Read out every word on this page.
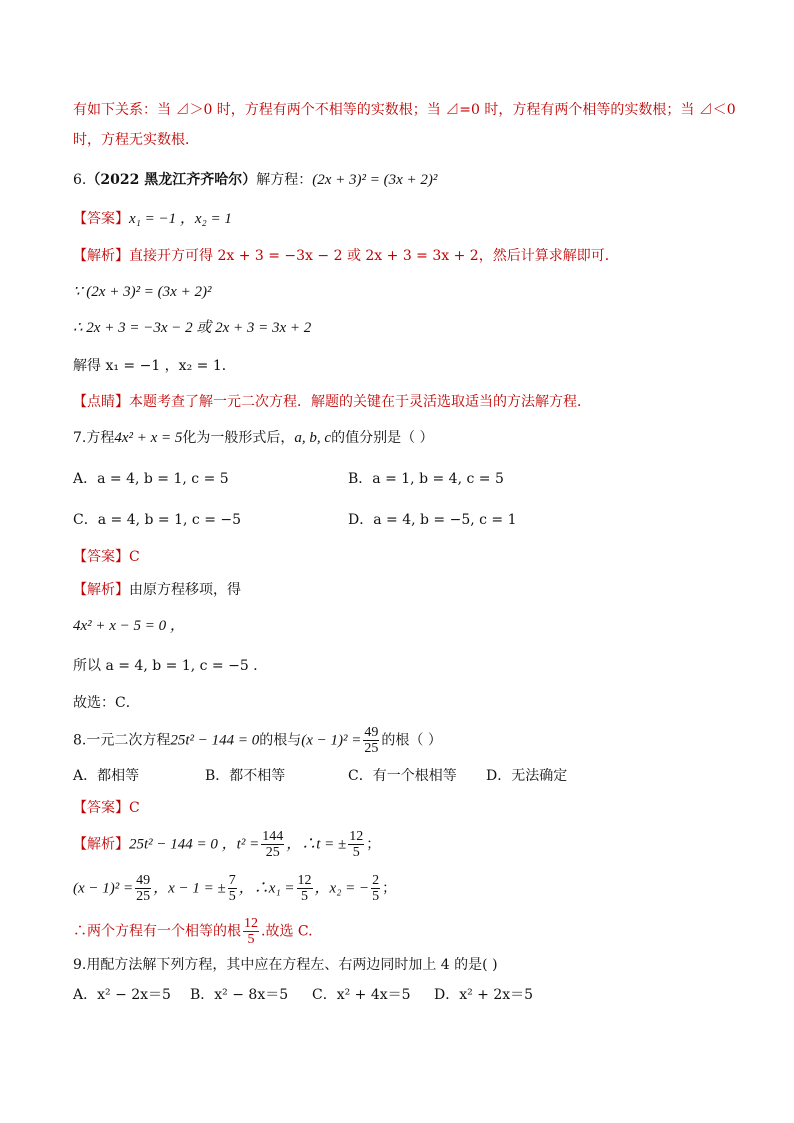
有如下关系：当 ⊿＞0 时，方程有两个不相等的实数根；当 ⊿=0 时，方程有两个相等的实数根；当 ⊿＜0
时，方程无实数根．
6.（2022 黑龙江齐齐哈尔）解方程：(2x + 3)² = (3x + 2)²
【答案】x₁ = −1 ，x₂ = 1
【解析】直接开方可得 2x + 3 = −3x − 2 或 2x + 3 = 3x + 2，然后计算求解即可．
∵ (2x + 3)² = (3x + 2)²
∴ 2x + 3 = −3x − 2 或 2x + 3 = 3x + 2
解得 x₁ = −1 ，x₂ = 1．
【点睛】本题考查了解一元二次方程．解题的关键在于灵活选取适当的方法解方程．
7.方程4x² + x = 5化为一般形式后，a, b, c的值分别是（ ）
A．a = 4, b = 1, c = 5	B．a = 1, b = 4, c = 5
C．a = 4, b = 1, c = −5	D．a = 4, b = −5, c = 1
【答案】C
【解析】由原方程移项，得
4x² + x − 5 = 0 ，
所以 a = 4, b = 1, c = −5 ．
故选：C．
8.一元二次方程25t² − 144 = 0的根与$(x - 1)^2 = \frac{49}{25}$ 的根（ ）
A．都相等	B．都不相等	C．有一个根相等 D．无法确定
【答案】C
【解析】25t² − 144 = 0 ，$t^2 = \frac{144}{25}$ ，∴t = ± $\frac{12}{5}$ ；
$(x - 1)^2 = \frac{49}{25}$ ，x − 1 = ± $\frac{7}{5}$ ，∴x₁ = $\frac{12}{5}$ ，x₂ = − $\frac{2}{5}$ ；
∴两个方程有一个相等的根 $\frac{12}{5}$ .故选 C.
9.用配方法解下列方程，其中应在方程左、右两边同时加上 4 的是( )
A．x² − 2x＝5 B．x² − 8x＝5 C．x² + 4x＝5 D．x² + 2x＝5
